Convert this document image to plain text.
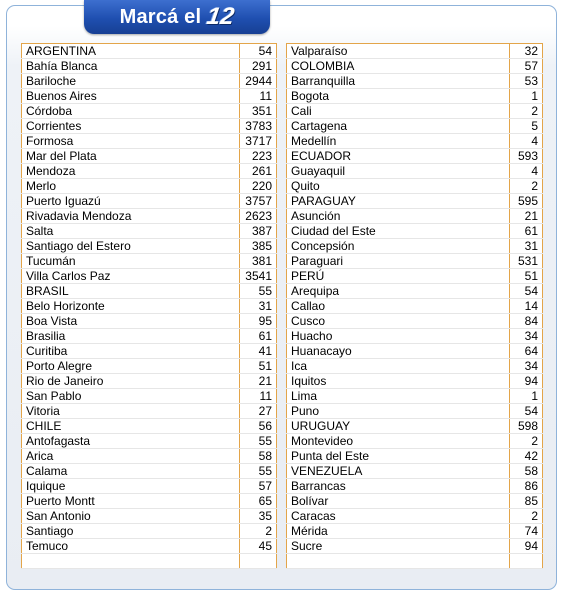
Marcá el 12
ARGENTINA	54
Bahía Blanca	291
Bariloche	2944
Buenos Aires	11
Córdoba	351
Corrientes	3783
Formosa	3717
Mar del Plata	223
Mendoza	261
Merlo	220
Puerto Iguazú	3757
Rivadavia Mendoza	2623
Salta	387
Santiago del Estero	385
Tucumán	381
Villa Carlos Paz	3541
BRASIL	55
Belo Horizonte	31
Boa Vista	95
Brasilia	61
Curitiba	41
Porto Alegre	51
Rio de Janeiro	21
San Pablo	11
Vitoria	27
CHILE	56
Antofagasta	55
Arica	58
Calama	55
Iquique	57
Puerto Montt	65
San Antonio	35
Santiago	2
Temuco	45

Valparaíso	32
COLOMBIA	57
Barranquilla	53
Bogota	1
Cali	2
Cartagena	5
Medellín	4
ECUADOR	593
Guayaquil	4
Quito	2
PARAGUAY	595
Asunción	21
Ciudad del Este	61
Concepsión	31
Paraguari	531
PERÚ	51
Arequipa	54
Callao	14
Cusco	84
Huacho	34
Huanacayo	64
Ica	34
Iquitos	94
Lima	1
Puno	54
URUGUAY	598
Montevideo	2
Punta del Este	42
VENEZUELA	58
Barrancas	86
Bolívar	85
Caracas	2
Mérida	74
Sucre	94
